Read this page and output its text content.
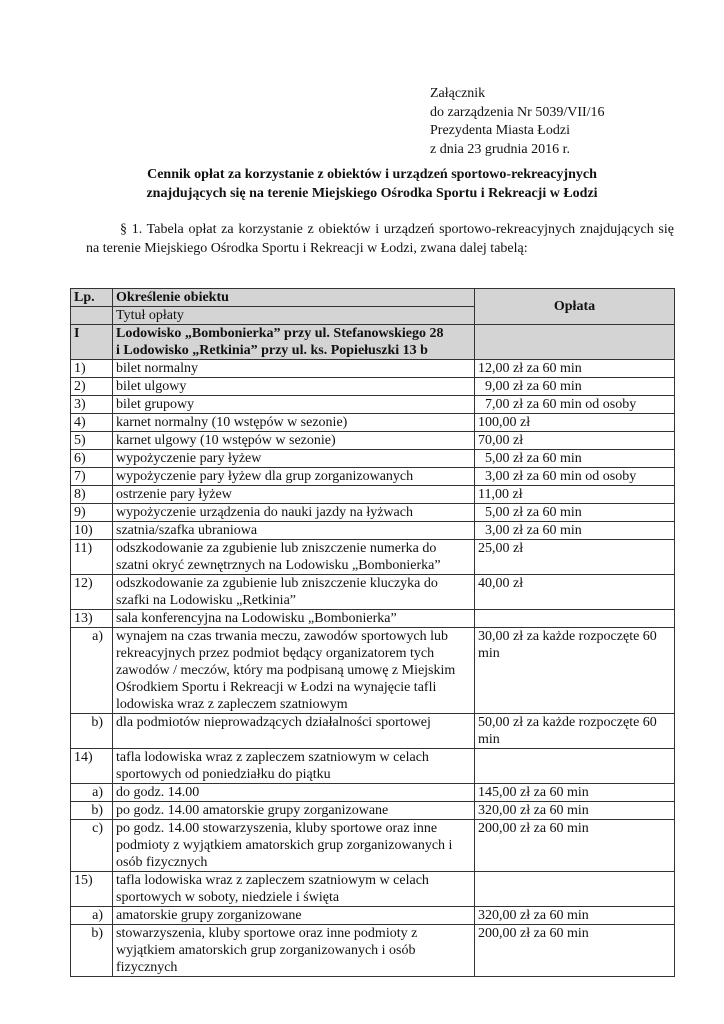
Załącznik
do zarządzenia Nr 5039/VII/16
Prezydenta Miasta Łodzi
z dnia 23 grudnia 2016 r.
Cennik opłat za korzystanie z obiektów i urządzeń sportowo-rekreacyjnych
znajdujących się na terenie Miejskiego Ośrodka Sportu i Rekreacji w Łodzi
§ 1. Tabela opłat za korzystanie z obiektów i urządzeń sportowo-rekreacyjnych znajdujących się na terenie Miejskiego Ośrodka Sportu i Rekreacji w Łodzi, zwana dalej tabelą:
Lp.	Określenie obiektu	Opłata
	Tytuł opłaty	
I	Lodowisko „Bombonierka” przy ul. Stefanowskiego 28
i Lodowisko „Retkinia” przy ul. ks. Popiełuszki 13 b	

1)	bilet normalny	12,00 zł za 60 min
2)	bilet ulgowy	9,00 zł za 60 min
3)	bilet grupowy	7,00 zł za 60 min od osoby
4)	karnet normalny (10 wstępów w sezonie)	100,00 zł
5)	karnet ulgowy (10 wstępów w sezonie)	70,00 zł
6)	wypożyczenie pary łyżew	5,00 zł za 60 min
7)	wypożyczenie pary łyżew dla grup zorganizowanych	3,00 zł za 60 min od osoby
8)	ostrzenie pary łyżew	11,00 zł
9)	wypożyczenie urządzenia do nauki jazdy na łyżwach	5,00 zł za 60 min
10)	szatnia/szafka ubraniowa	3,00 zł za 60 min
11)	odszkodowanie za zgubienie lub zniszczenie numerka do szatni okryć zewnętrznych na Lodowisku „Bombonierka”	25,00 zł
12)	odszkodowanie za zgubienie lub zniszczenie kluczyka do szafki na Lodowisku „Retkinia”	40,00 zł
13)	sala konferencyjna na Lodowisku „Bombonierka”	
a)	wynajem na czas trwania meczu, zawodów sportowych lub rekreacyjnych przez podmiot będący organizatorem tych zawodów / meczów, który ma podpisaną umowę z Miejskim Ośrodkiem Sportu i Rekreacji w Łodzi na wynajęcie tafli lodowiska wraz z zapleczem szatniowym	30,00 zł za każde rozpoczęte 60 min
b)	dla podmiotów nieprowadzących działalności sportowej	50,00 zł za każde rozpoczęte 60 min
14)	tafla lodowiska wraz z zapleczem szatniowym w celach sportowych od poniedziałku do piątku	
a)	do godz. 14.00	145,00 zł za 60 min
b)	po godz. 14.00 amatorskie grupy zorganizowane	320,00 zł za 60 min
c)	po godz. 14.00 stowarzyszenia, kluby sportowe oraz inne podmioty z wyjątkiem amatorskich grup zorganizowanych i osób fizycznych	200,00 zł za 60 min
15)	tafla lodowiska wraz z zapleczem szatniowym w celach sportowych w soboty, niedziele i święta	
a)	amatorskie grupy zorganizowane	320,00 zł za 60 min
b)	stowarzyszenia, kluby sportowe oraz inne podmioty z wyjątkiem amatorskich grup zorganizowanych i osób fizycznych	200,00 zł za 60 min
